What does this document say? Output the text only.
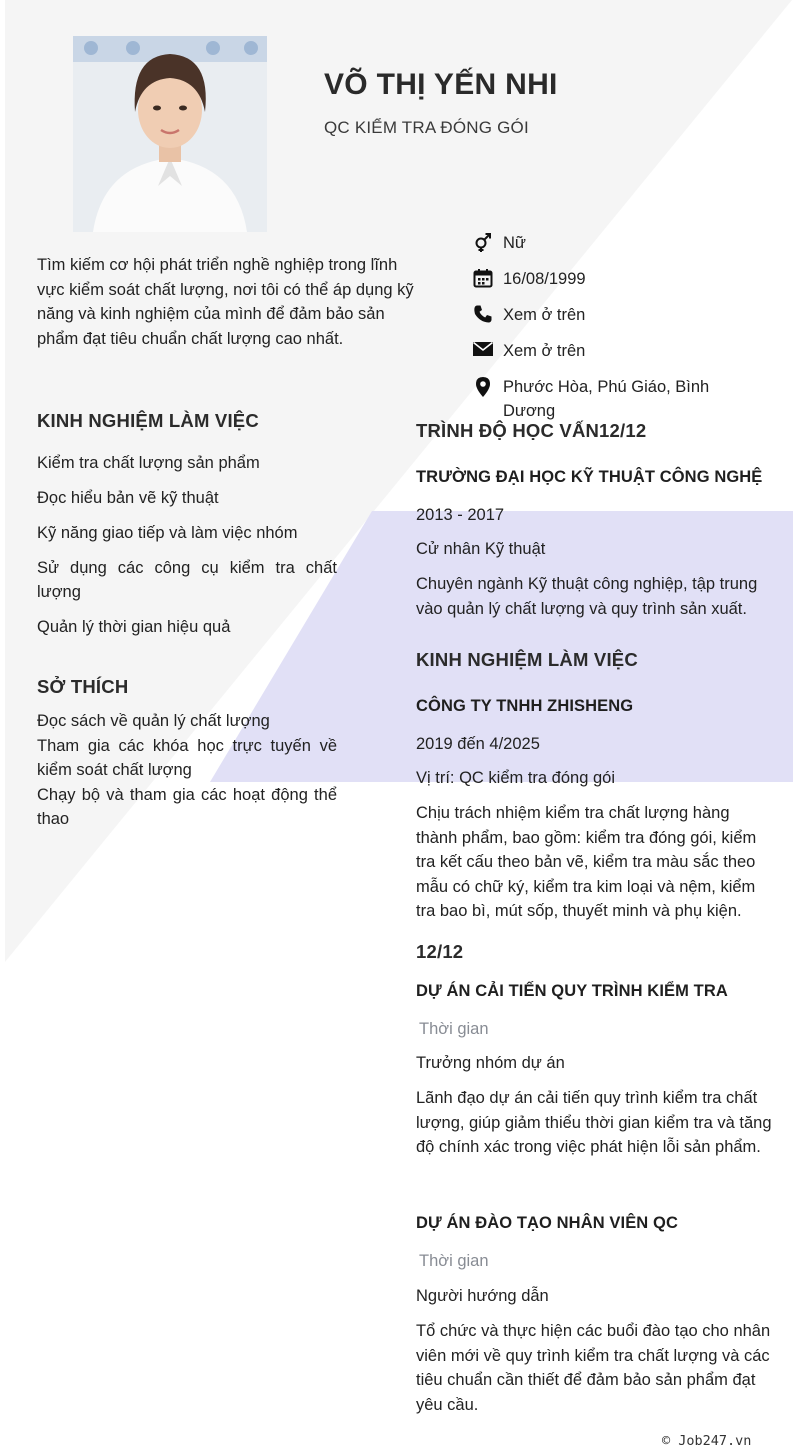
VÕ THỊ YẾN NHI
QC KIỂM TRA ĐÓNG GÓI
Tìm kiếm cơ hội phát triển nghề nghiệp trong lĩnh vực kiểm soát chất lượng, nơi tôi có thể áp dụng kỹ năng và kinh nghiệm của mình để đảm bảo sản phẩm đạt tiêu chuẩn chất lượng cao nhất.
Nữ
16/08/1999
Xem ở trên
Xem ở trên
Phước Hòa, Phú Giáo, Bình Dương
KINH NGHIỆM LÀM VIỆC
Kiểm tra chất lượng sản phẩm
Đọc hiểu bản vẽ kỹ thuật
Kỹ năng giao tiếp và làm việc nhóm
Sử dụng các công cụ kiểm tra chất lượng
Quản lý thời gian hiệu quả
SỞ THÍCH
Đọc sách về quản lý chất lượng
Tham gia các khóa học trực tuyến về kiểm soát chất lượng
Chạy bộ và tham gia các hoạt động thể thao
TRÌNH ĐỘ HỌC VẤN12/12
TRƯỜNG ĐẠI HỌC KỸ THUẬT CÔNG NGHỆ
2013 - 2017
Cử nhân Kỹ thuật
Chuyên ngành Kỹ thuật công nghiệp, tập trung vào quản lý chất lượng và quy trình sản xuất.
KINH NGHIỆM LÀM VIỆC
CÔNG TY TNHH ZHISHENG
2019 đến 4/2025
Vị trí: QC kiểm tra đóng gói
Chịu trách nhiệm kiểm tra chất lượng hàng thành phẩm, bao gồm: kiểm tra đóng gói, kiểm tra kết cấu theo bản vẽ, kiểm tra màu sắc theo mẫu có chữ ký, kiểm tra kim loại và nệm, kiểm tra bao bì, mút sốp, thuyết minh và phụ kiện.
12/12
DỰ ÁN CẢI TIẾN QUY TRÌNH KIỂM TRA
Thời gian
Trưởng nhóm dự án
Lãnh đạo dự án cải tiến quy trình kiểm tra chất lượng, giúp giảm thiểu thời gian kiểm tra và tăng độ chính xác trong việc phát hiện lỗi sản phẩm.
DỰ ÁN ĐÀO TẠO NHÂN VIÊN QC
Thời gian
Người hướng dẫn
Tổ chức và thực hiện các buổi đào tạo cho nhân viên mới về quy trình kiểm tra chất lượng và các tiêu chuẩn cần thiết để đảm bảo sản phẩm đạt yêu cầu.
© Job247.vn
